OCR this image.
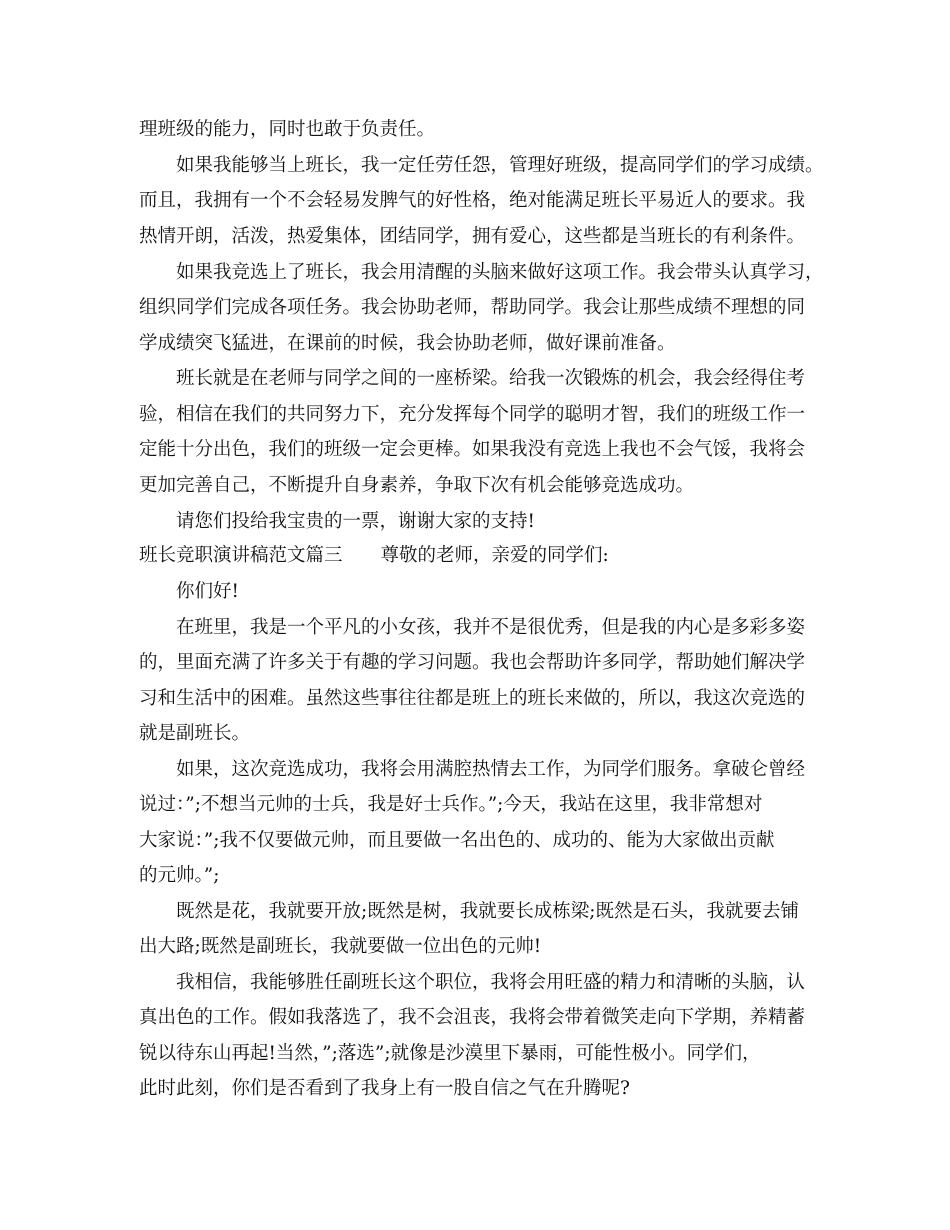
理班级的能力，同时也敢于负责任。
如果我能够当上班长，我一定任劳任怨，管理好班级，提高同学们的学习成绩。
而且，我拥有一个不会轻易发脾气的好性格，绝对能满足班长平易近人的要求。我
热情开朗，活泼，热爱集体，团结同学，拥有爱心，这些都是当班长的有利条件。
如果我竞选上了班长，我会用清醒的头脑来做好这项工作。我会带头认真学习，
组织同学们完成各项任务。我会协助老师，帮助同学。我会让那些成绩不理想的同
学成绩突飞猛进，在课前的时候，我会协助老师，做好课前准备。
班长就是在老师与同学之间的一座桥梁。给我一次锻炼的机会，我会经得住考
验，相信在我们的共同努力下，充分发挥每个同学的聪明才智，我们的班级工作一
定能十分出色，我们的班级一定会更棒。如果我没有竞选上我也不会气馁，我将会
更加完善自己，不断提升自身素养，争取下次有机会能够竞选成功。
请您们投给我宝贵的一票，谢谢大家的支持!
班长竞职演讲稿范文篇三 尊敬的老师，亲爱的同学们:
你们好!
在班里，我是一个平凡的小女孩，我并不是很优秀，但是我的内心是多彩多姿
的，里面充满了许多关于有趣的学习问题。我也会帮助许多同学，帮助她们解决学
习和生活中的困难。虽然这些事往往都是班上的班长来做的，所以，我这次竞选的
就是副班长。
如果，这次竞选成功，我将会用满腔热情去工作，为同学们服务。拿破仑曾经
说过：”;不想当元帅的士兵，我是好士兵作。”;今天，我站在这里，我非常想对
大家说：”;我不仅要做元帅，而且要做一名出色的、成功的、能为大家做出贡献
的元帅。”;
既然是花，我就要开放;既然是树，我就要长成栋梁;既然是石头，我就要去铺
出大路;既然是副班长，我就要做一位出色的元帅!
我相信，我能够胜任副班长这个职位，我将会用旺盛的精力和清晰的头脑，认
真出色的工作。假如我落选了，我不会沮丧，我将会带着微笑走向下学期，养精蓄
锐以待东山再起!当然，”;落选”;就像是沙漠里下暴雨，可能性极小。同学们，
此时此刻，你们是否看到了我身上有一股自信之气在升腾呢?
